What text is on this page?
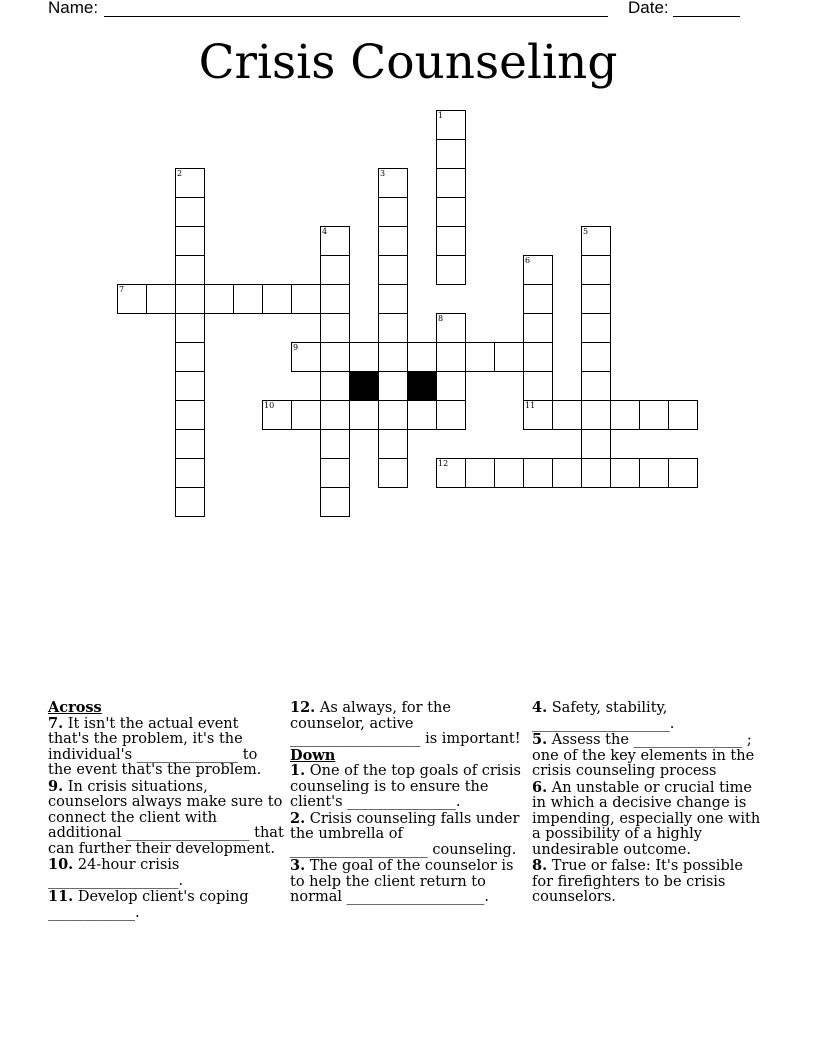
Name:	Date:
Crisis Counseling
1
2	3
4	5
6
11
7
8
9
10
12
Across
7. It isn't the actual event that's the problem, it's the individual's ______________ to the event that's the problem.
9. In crisis situations, counselors always make sure to connect the client with additional _________________ that can further their development.
10. 24-hour crisis __________________.
11. Develop client's coping ____________.
12. As always, for the counselor, active __________________ is important!
Down
1. One of the top goals of crisis counseling is to ensure the client's _______________.
2. Crisis counseling falls under the umbrella of ___________________ counseling.
3. The goal of the counselor is to help the client return to normal ___________________.
4. Safety, stability, ___________________.
5. Assess the _______________ ; one of the key elements in the crisis counseling process
6. An unstable or crucial time in which a decisive change is impending, especially one with a possibility of a highly undesirable outcome.
8. True or false: It's possible for firefighters to be crisis counselors.
